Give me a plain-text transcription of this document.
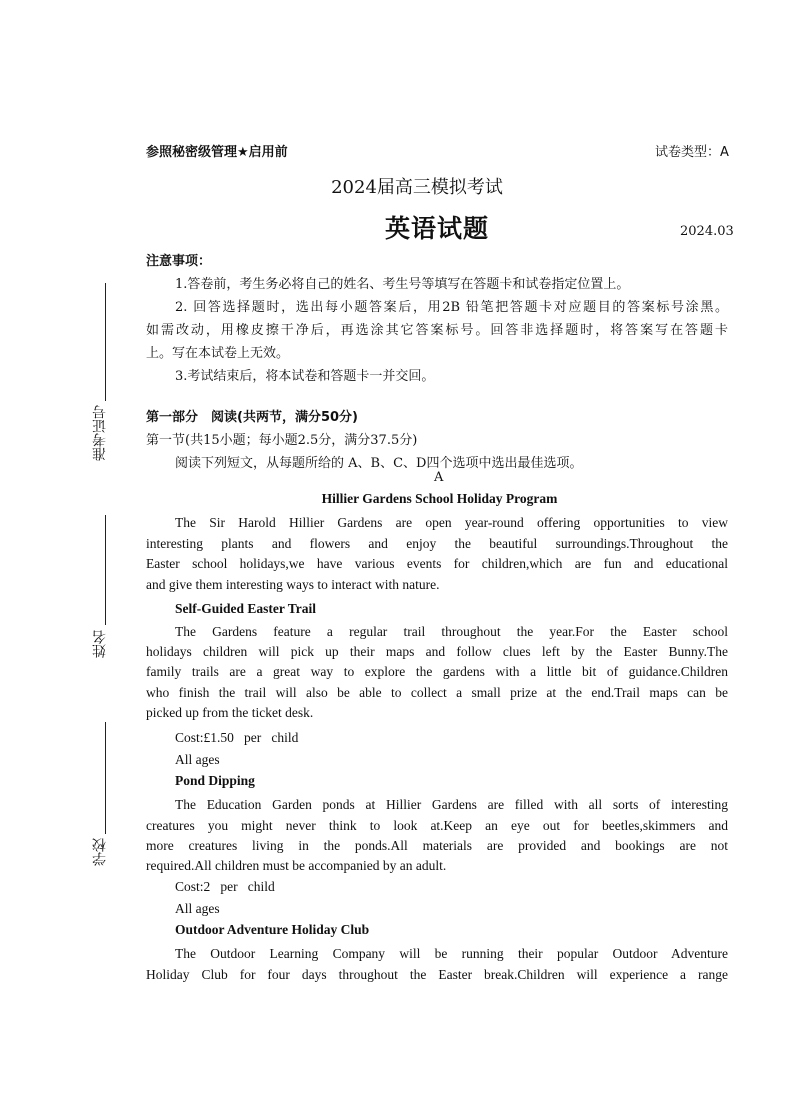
参照秘密级管理★启用前	试卷类型：A
2024届高三模拟考试
英语试题	2024.03
注意事项：
1.答卷前，考生务必将自己的姓名、考生号等填写在答题卡和试卷指定位置上。
2. 回答选择题时，选出每小题答案后，用2B 铅笔把答题卡对应题目的答案标号涂黑。
如需改动，用橡皮擦干净后，再选涂其它答案标号。回答非选择题时，将答案写在答题卡
上。写在本试卷上无效。
3.考试结束后，将本试卷和答题卡一并交回。
准考证号
姓名
学校
第一部分　阅读(共两节，满分50分)
第一节(共15小题；每小题2.5分，满分37.5分)
阅读下列短文，从每题所给的 A、B、C、D四个选项中选出最佳选项。
A
Hillier Gardens School Holiday Program
The Sir Harold Hillier Gardens are open year-round offering opportunities to view
interesting plants and flowers and enjoy the beautiful surroundings.Throughout the
Easter school holidays,we have various events for children,which are fun and educational
and give them interesting ways to interact with nature.
Self-Guided Easter Trail
The Gardens feature a regular trail throughout the year.For the Easter school
holidays children will pick up their maps and follow clues left by the Easter Bunny.The
family trails are a great way to explore the gardens with a little bit of guidance.Children
who finish the trail will also be able to collect a small prize at the end.Trail maps can be
picked up from the ticket desk.
Cost:£1.50   per   child
All ages
Pond Dipping
The Education Garden ponds at Hillier Gardens are filled with all sorts of interesting
creatures you might never think to look at.Keep an eye out for beetles,skimmers and
more creatures living in the ponds.All materials are provided and bookings are not
required.All children must be accompanied by an adult.
Cost:2   per   child
All ages
Outdoor Adventure Holiday Club
The Outdoor Learning Company will be running their popular Outdoor Adventure
Holiday Club for four days throughout the Easter break.Children will experience a range
